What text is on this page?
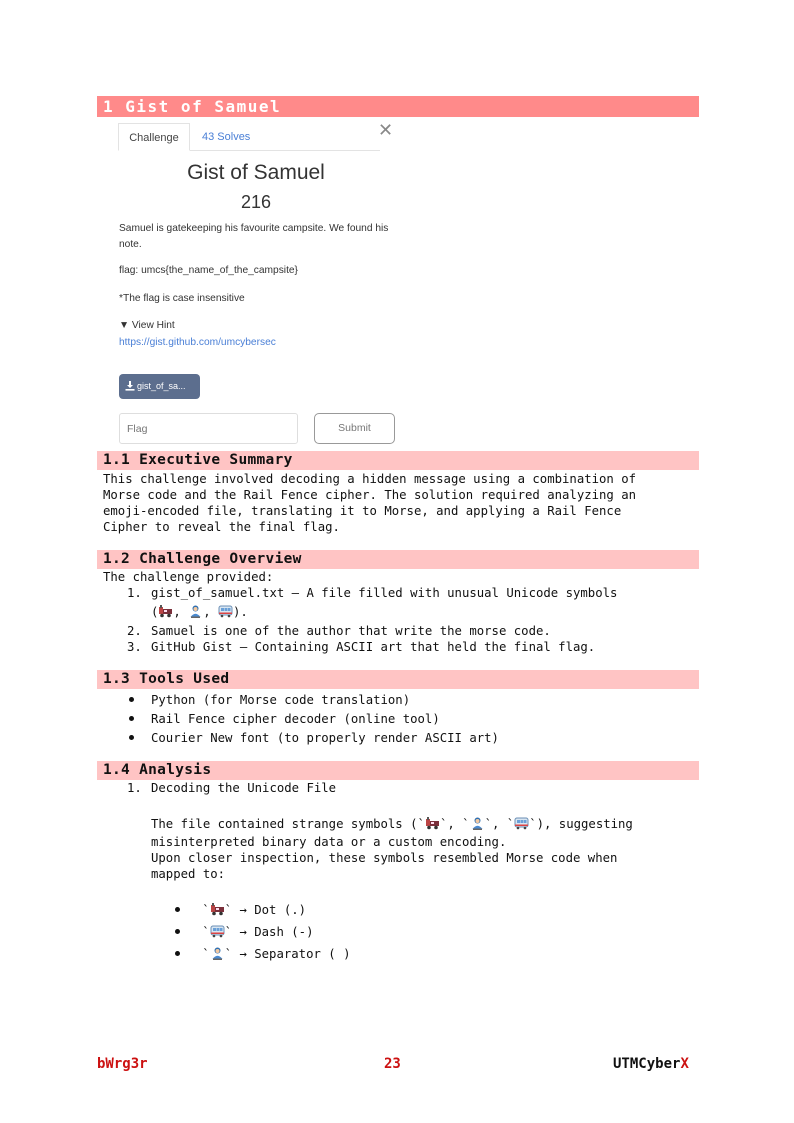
1 Gist of Samuel
Challenge	43 Solves	✕
Gist of Samuel
216
Samuel is gatekeeping his favourite campsite. We found his note.
flag: umcs{the_name_of_the_campsite}
*The flag is case insensitive
▼ View Hint
https://gist.github.com/umcybersec
gist_of_sa...
Flag
Submit
1.1 Executive Summary
This challenge involved decoding a hidden message using a combination of
Morse code and the Rail Fence cipher. The solution required analyzing an
emoji-encoded file, translating it to Morse, and applying a Rail Fence
Cipher to reveal the final flag.
1.2 Challenge Overview
The challenge provided:
1. gist_of_samuel.txt – A file filled with unusual Unicode symbols
( , , ).
2. Samuel is one of the author that write the morse code.
3. GitHub Gist – Containing ASCII art that held the final flag.
1.3 Tools Used
Python (for Morse code translation)
Rail Fence cipher decoder (online tool)
Courier New font (to properly render ASCII art)
1.4 Analysis
1. Decoding the Unicode File
The file contained strange symbols (` `, ` `, ` `), suggesting
misinterpreted binary data or a custom encoding.
Upon closer inspection, these symbols resembled Morse code when
mapped to:
` ` → Dot (.)
` ` → Dash (-)
` ` → Separator ( )
bWrg3r	23	UTMCyberX
